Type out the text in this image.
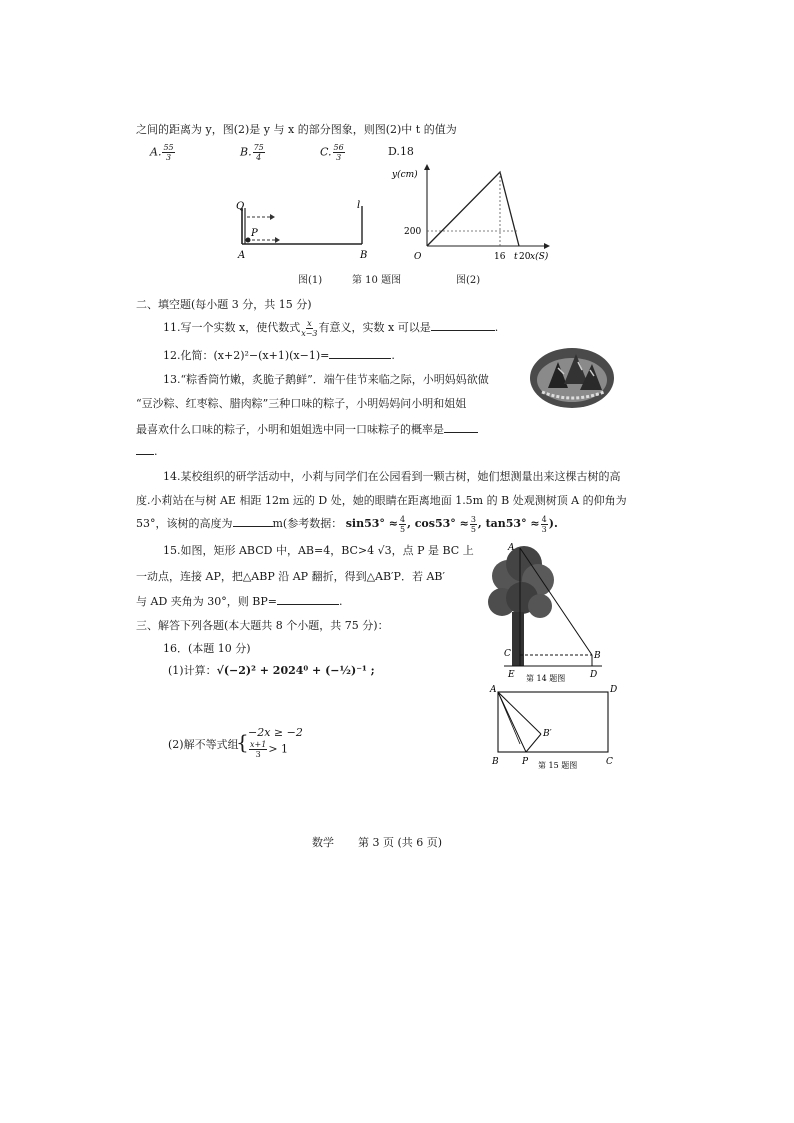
之间的距离为 y，图(2)是 y 与 x 的部分图象，则图(2)中 t 的值为
A. $\frac{55}{3}$	B. $\frac{75}{4}$	C. $\frac{56}{3}$	D.18
Q
P
A	B
l
y(cm)
200
O	16 t 20 x(S)
图(1)	第 10 题图	图(2)
二、填空题(每小题 3 分，共 15 分)
11.写一个实数 x，使代数式 $\frac{x}{x-3}$ 有意义，实数 x 可以是	.
12.化简：(x+2)²−(x+1)(x−1)=	.
13.“粽香筒竹嫩，炙脆子鹅鲜”．端午佳节来临之际，小明妈妈欲做
“豆沙粽、红枣粽、腊肉粽”三种口味的粽子，小明妈妈问小明和姐姐
最喜欢什么口味的粽子，小明和姐姐选中同一口味粽子的概率是
.
14.某校组织的研学活动中，小莉与同学们在公园看到一颗古树，她们想测量出来这棵古树的高
度.小莉站在与树 AE 相距 12m 远的 D 处，她的眼睛在距离地面 1.5m 的 B 处观测树顶 A 的仰角为
53°，该树的高度为	m(参考数据： $\sin 53^\circ \approx \frac{4}{5}$ , $\cos 53^\circ \approx \frac{3}{5}$ , $\tan 53^\circ \approx \frac{4}{3}$ ).
15.如图，矩形 ABCD 中，AB=4，BC>4 √3，点 P 是 BC 上
一动点，连接 AP，把△ABP 沿 AP 翻折，得到△AB′P．若 AB′
与 AD 夹角为 30°，则 BP=	.
A
C	B
E	D
第 14 题图
A	D
B′
B	P	C
第 15 题图
三、解答下列各题(本大题共 8 个小题，共 75 分)：
16．(本题 10 分)
(1)计算：√(−2)² + 2024⁰ + (−½)⁻¹ ;
(2)解不等式组
{ −2x ≥ −2
$\frac{x+1}{3} > 1$
数学 第 3 页 (共 6 页)
